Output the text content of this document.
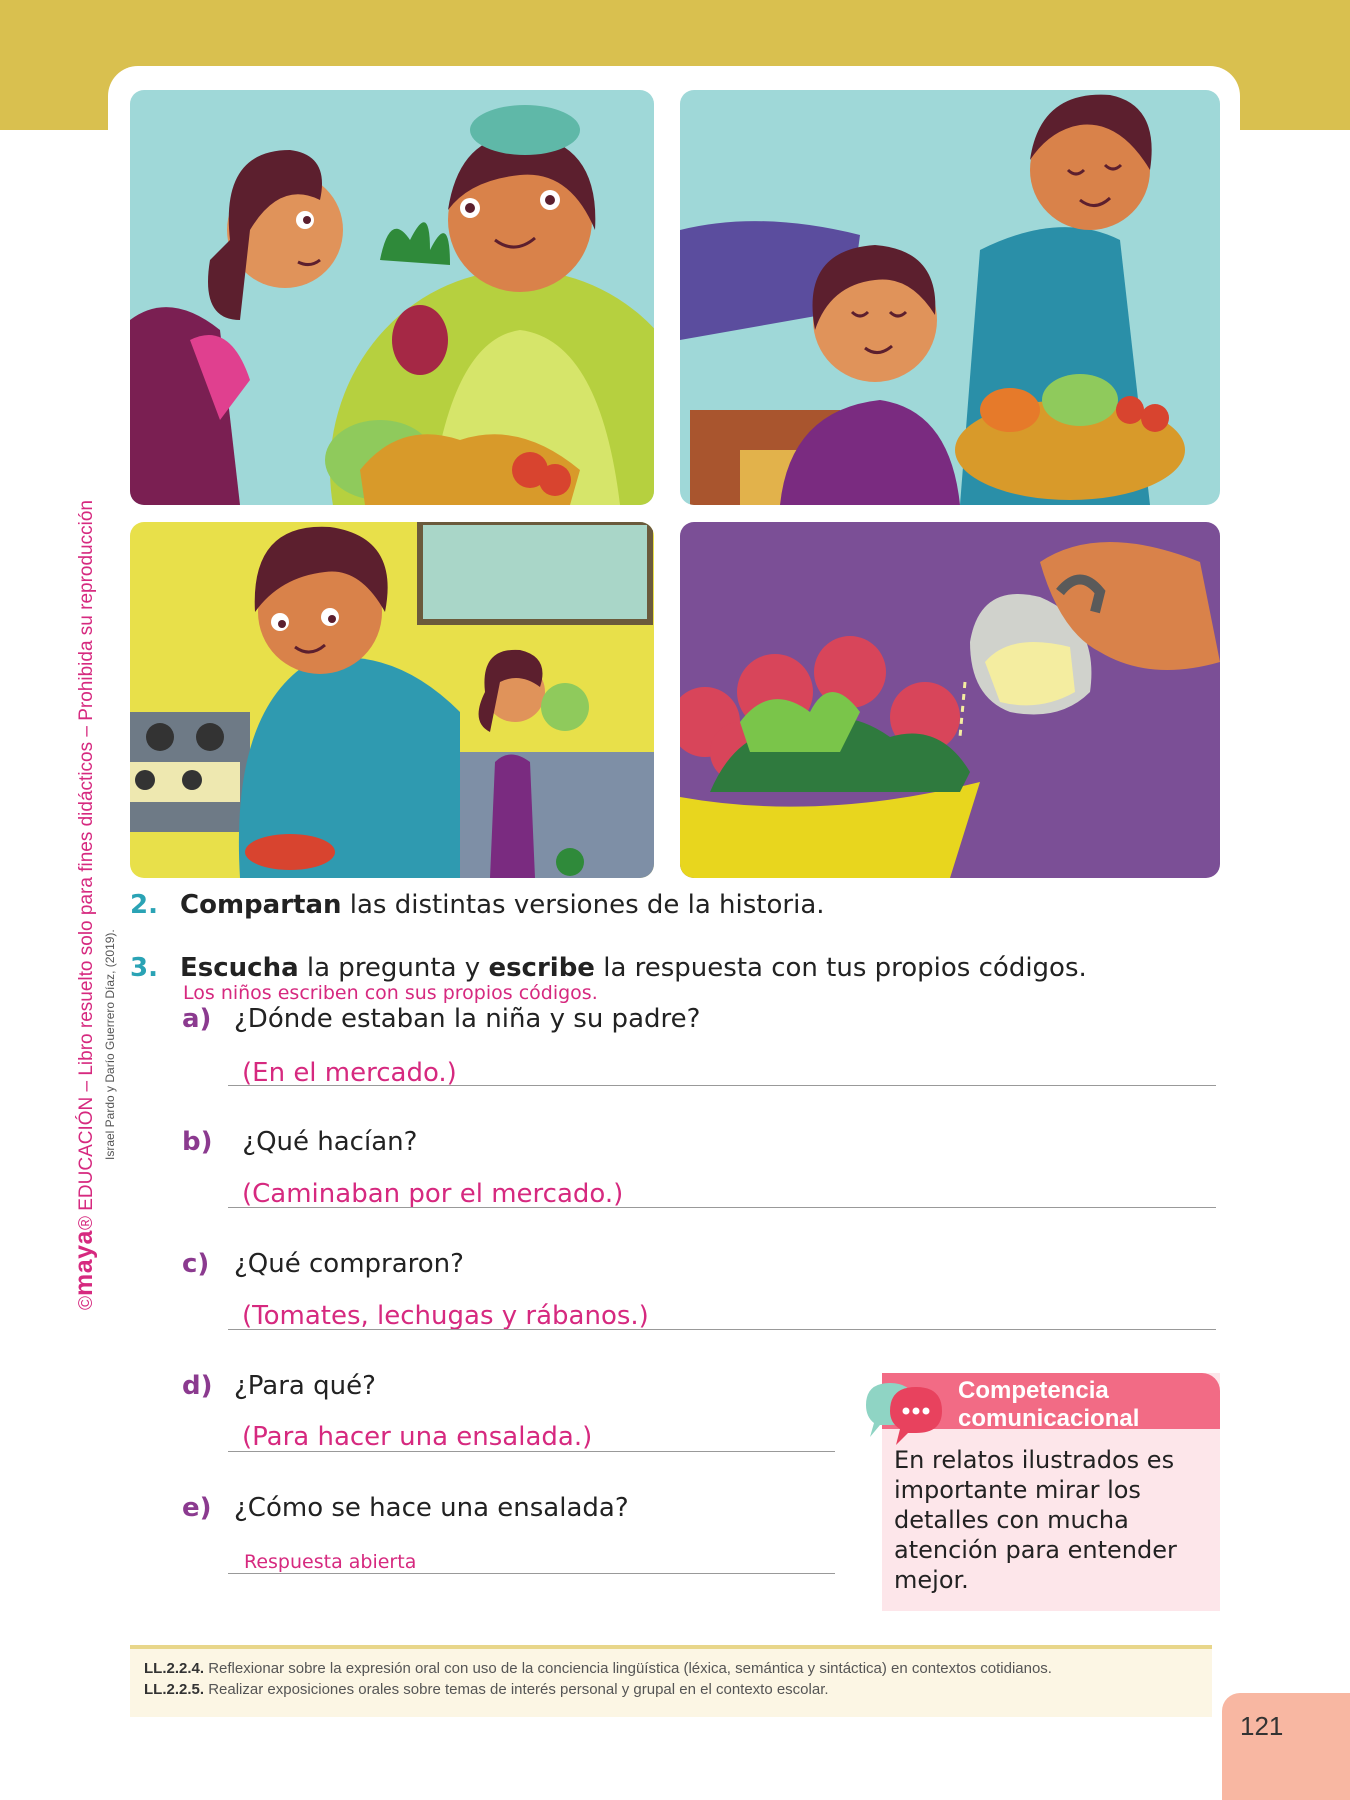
©maya® EDUCACIÓN – Libro resuelto solo para fines didácticos – Prohibida su reproducción Israel Pardo y Darío Guerrero Díaz, (2019).
2. Compartan las distintas versiones de la historia.
3. Escucha la pregunta y escribe la respuesta con tus propios códigos.
Los niños escriben con sus propios códigos.
a) ¿Dónde estaban la niña y su padre?
(En el mercado.)
b) ¿Qué hacían?
(Caminaban por el mercado.)
c) ¿Qué compraron?
(Tomates, lechugas y rábanos.)
d) ¿Para qué?
(Para hacer una ensalada.)
e) ¿Cómo se hace una ensalada?
Respuesta abierta
Competencia
comunicacional
En relatos ilustrados es importante mirar los detalles con mucha atención para entender mejor.
LL.2.2.4. Reflexionar sobre la expresión oral con uso de la conciencia lingüística (léxica, semántica y sintáctica) en contextos cotidianos.
LL.2.2.5. Realizar exposiciones orales sobre temas de interés personal y grupal en el contexto escolar.
121
